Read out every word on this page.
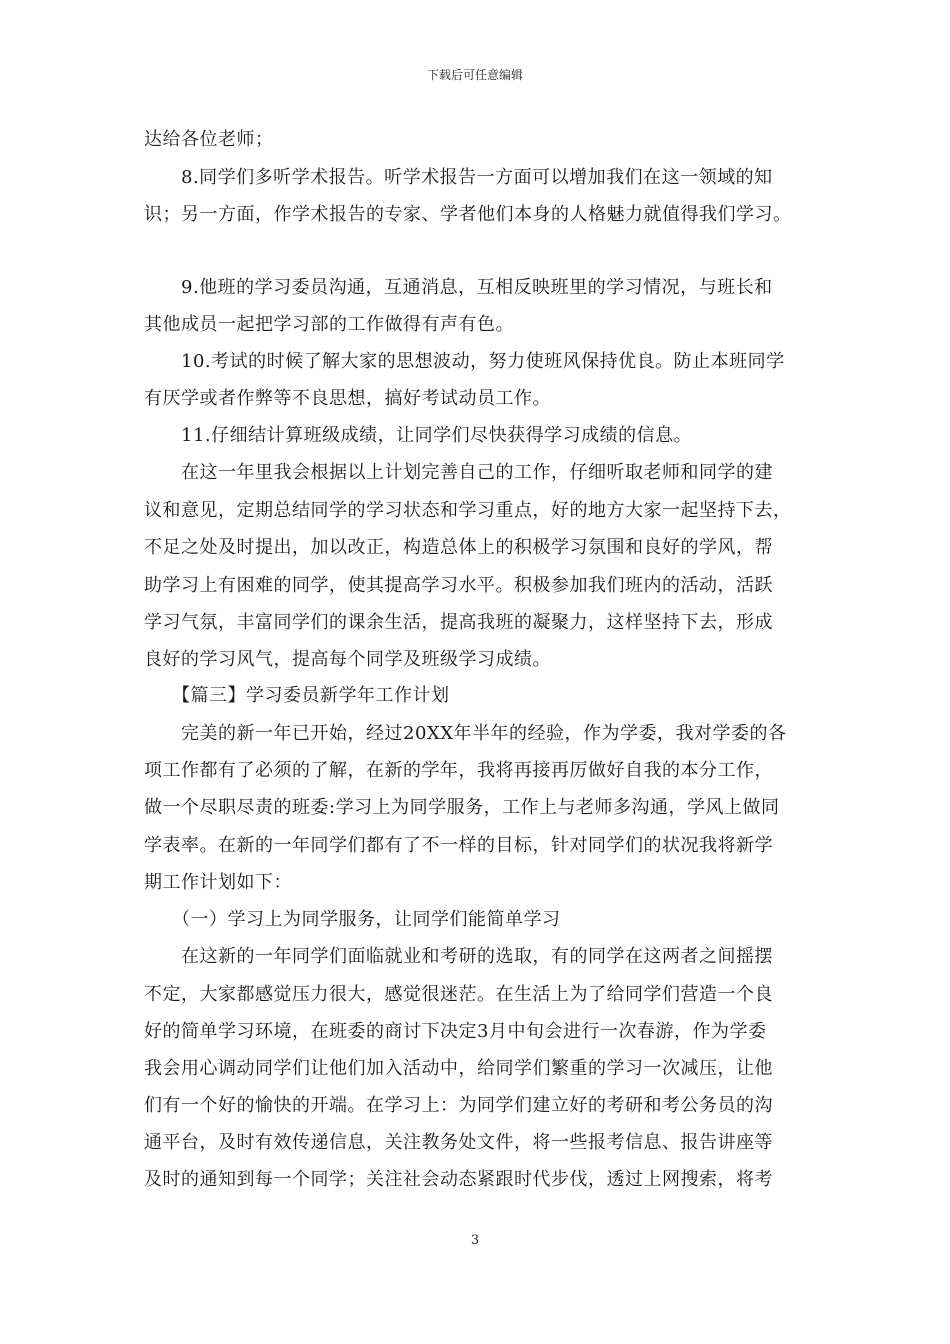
下载后可任意编辑
达给各位老师；
　　8.同学们多听学术报告。听学术报告一方面可以增加我们在这一领域的知
识；另一方面，作学术报告的专家、学者他们本身的人格魅力就值得我们学习。
　　9.他班的学习委员沟通，互通消息，互相反映班里的学习情况，与班长和
其他成员一起把学习部的工作做得有声有色。
　　10.考试的时候了解大家的思想波动，努力使班风保持优良。防止本班同学
有厌学或者作弊等不良思想，搞好考试动员工作。
　　11.仔细结计算班级成绩，让同学们尽快获得学习成绩的信息。
　　在这一年里我会根据以上计划完善自己的工作，仔细听取老师和同学的建
议和意见，定期总结同学的学习状态和学习重点，好的地方大家一起坚持下去，
不足之处及时提出，加以改正，构造总体上的积极学习氛围和良好的学风，帮
助学习上有困难的同学，使其提高学习水平。积极参加我们班内的活动，活跃
学习气氛，丰富同学们的课余生活，提高我班的凝聚力，这样坚持下去，形成
良好的学习风气，提高每个同学及班级学习成绩。
　　【篇三】学习委员新学年工作计划
　　完美的新一年已开始，经过20XX年半年的经验，作为学委，我对学委的各
项工作都有了必须的了解，在新的学年，我将再接再厉做好自我的本分工作，
做一个尽职尽责的班委:学习上为同学服务，工作上与老师多沟通，学风上做同
学表率。在新的一年同学们都有了不一样的目标，针对同学们的状况我将新学
期工作计划如下：
　　（一）学习上为同学服务，让同学们能简单学习
　　在这新的一年同学们面临就业和考研的选取，有的同学在这两者之间摇摆
不定，大家都感觉压力很大，感觉很迷茫。在生活上为了给同学们营造一个良
好的简单学习环境，在班委的商讨下决定3月中旬会进行一次春游，作为学委
我会用心调动同学们让他们加入活动中，给同学们繁重的学习一次减压，让他
们有一个好的愉快的开端。在学习上：为同学们建立好的考研和考公务员的沟
通平台，及时有效传递信息，关注教务处文件，将一些报考信息、报告讲座等
及时的通知到每一个同学；关注社会动态紧跟时代步伐，透过上网搜索，将考
3
